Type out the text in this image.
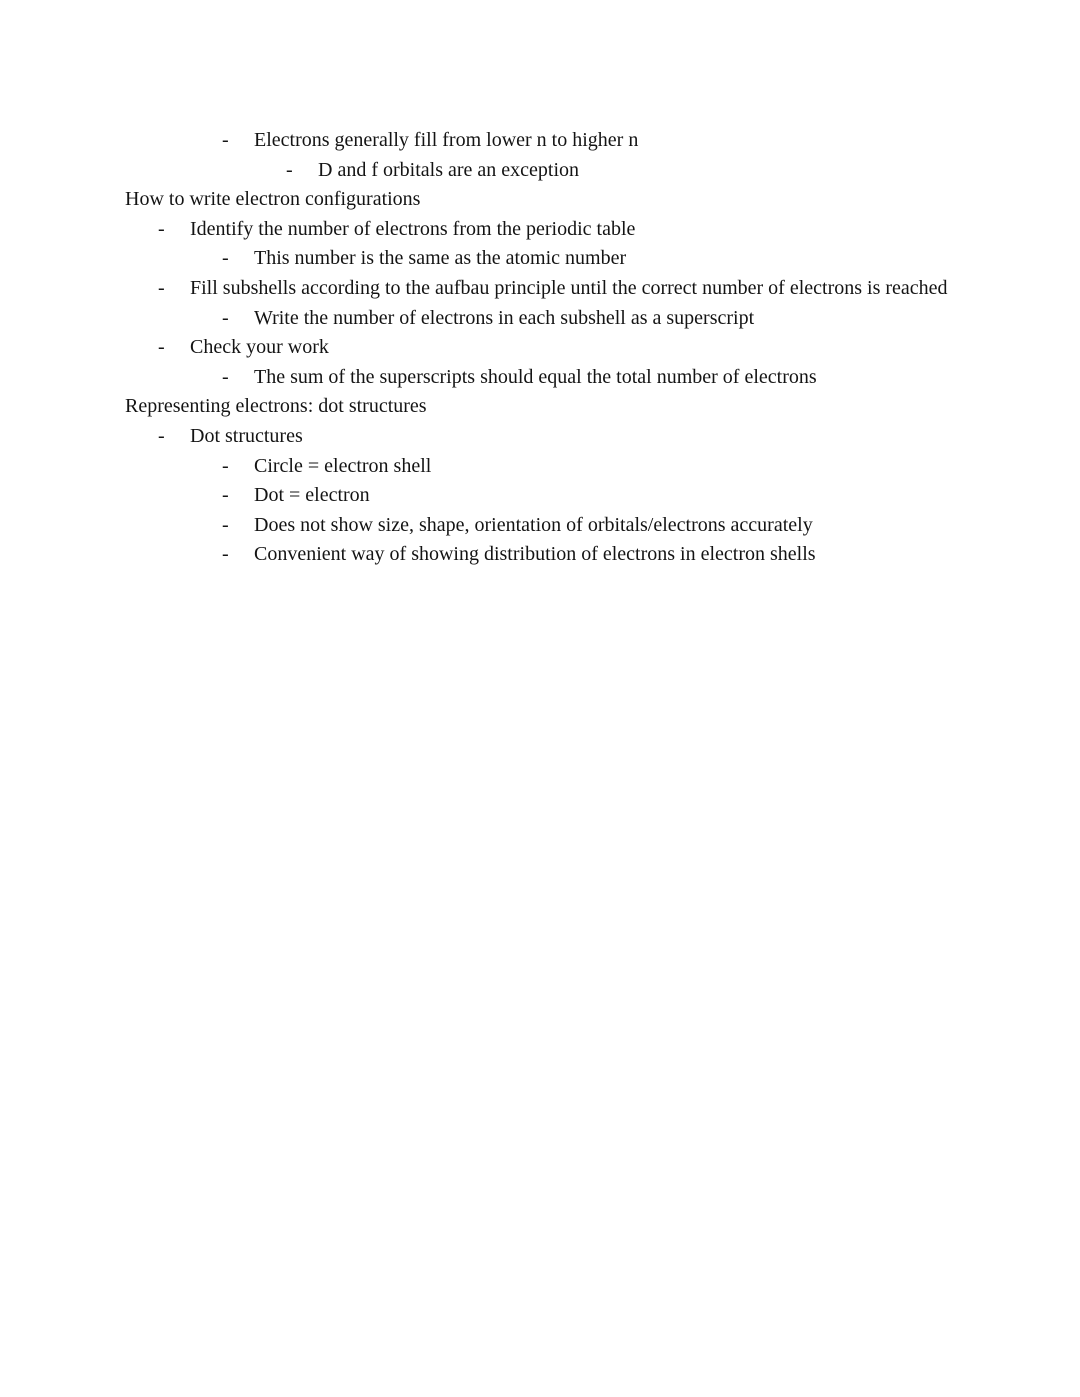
-	Electrons generally fill from lower n to higher n
-	D and f orbitals are an exception
How to write electron configurations
-	Identify the number of electrons from the periodic table
-	This number is the same as the atomic number
-	Fill subshells according to the aufbau principle until the correct number of electrons is reached
-	Write the number of electrons in each subshell as a superscript
-	Check your work
-	The sum of the superscripts should equal the total number of electrons
Representing electrons: dot structures
-	Dot structures
-	Circle = electron shell
-	Dot = electron
-	Does not show size, shape, orientation of orbitals/electrons accurately
-	Convenient way of showing distribution of electrons in electron shells
